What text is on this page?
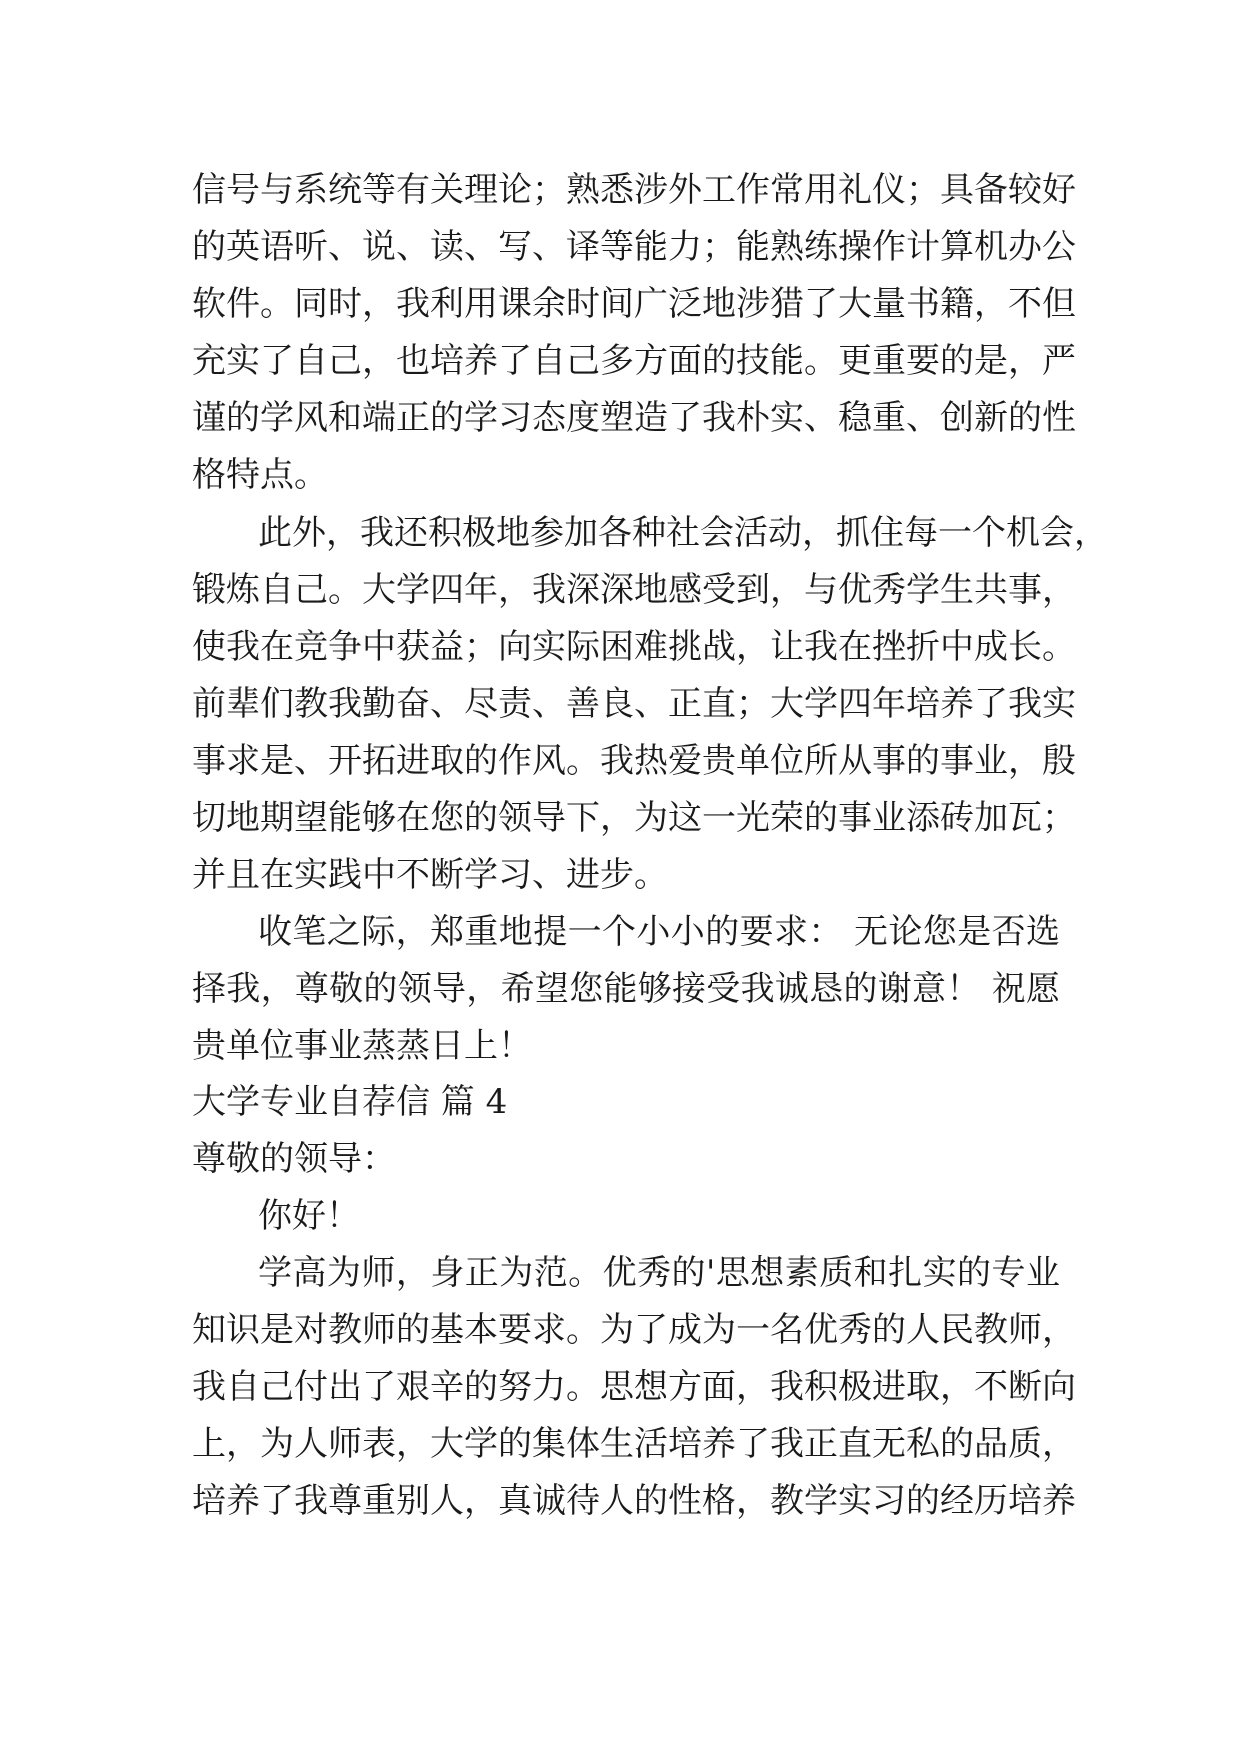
信号与系统等有关理论；熟悉涉外工作常用礼仪；具备较好
的英语听、说、读、写、译等能力；能熟练操作计算机办公
软件。同时，我利用课余时间广泛地涉猎了大量书籍，不但
充实了自己，也培养了自己多方面的技能。更重要的是，严
谨的学风和端正的学习态度塑造了我朴实、稳重、创新的性
格特点。
此外，我还积极地参加各种社会活动，抓住每一个机会，
锻炼自己。大学四年，我深深地感受到，与优秀学生共事，
使我在竞争中获益；向实际困难挑战，让我在挫折中成长。
前辈们教我勤奋、尽责、善良、正直；大学四年培养了我实
事求是、开拓进取的作风。我热爱贵单位所从事的事业，殷
切地期望能够在您的领导下，为这一光荣的事业添砖加瓦；
并且在实践中不断学习、进步。
收笔之际，郑重地提一个小小的要求： 无论您是否选
择我，尊敬的领导，希望您能够接受我诚恳的谢意！ 祝愿
贵单位事业蒸蒸日上！
大学专业自荐信 篇 4
尊敬的领导：
你好！
学高为师，身正为范。优秀的'思想素质和扎实的专业
知识是对教师的基本要求。为了成为一名优秀的人民教师，
我自己付出了艰辛的努力。思想方面，我积极进取，不断向
上，为人师表，大学的集体生活培养了我正直无私的品质，
培养了我尊重别人，真诚待人的性格，教学实习的经历培养
